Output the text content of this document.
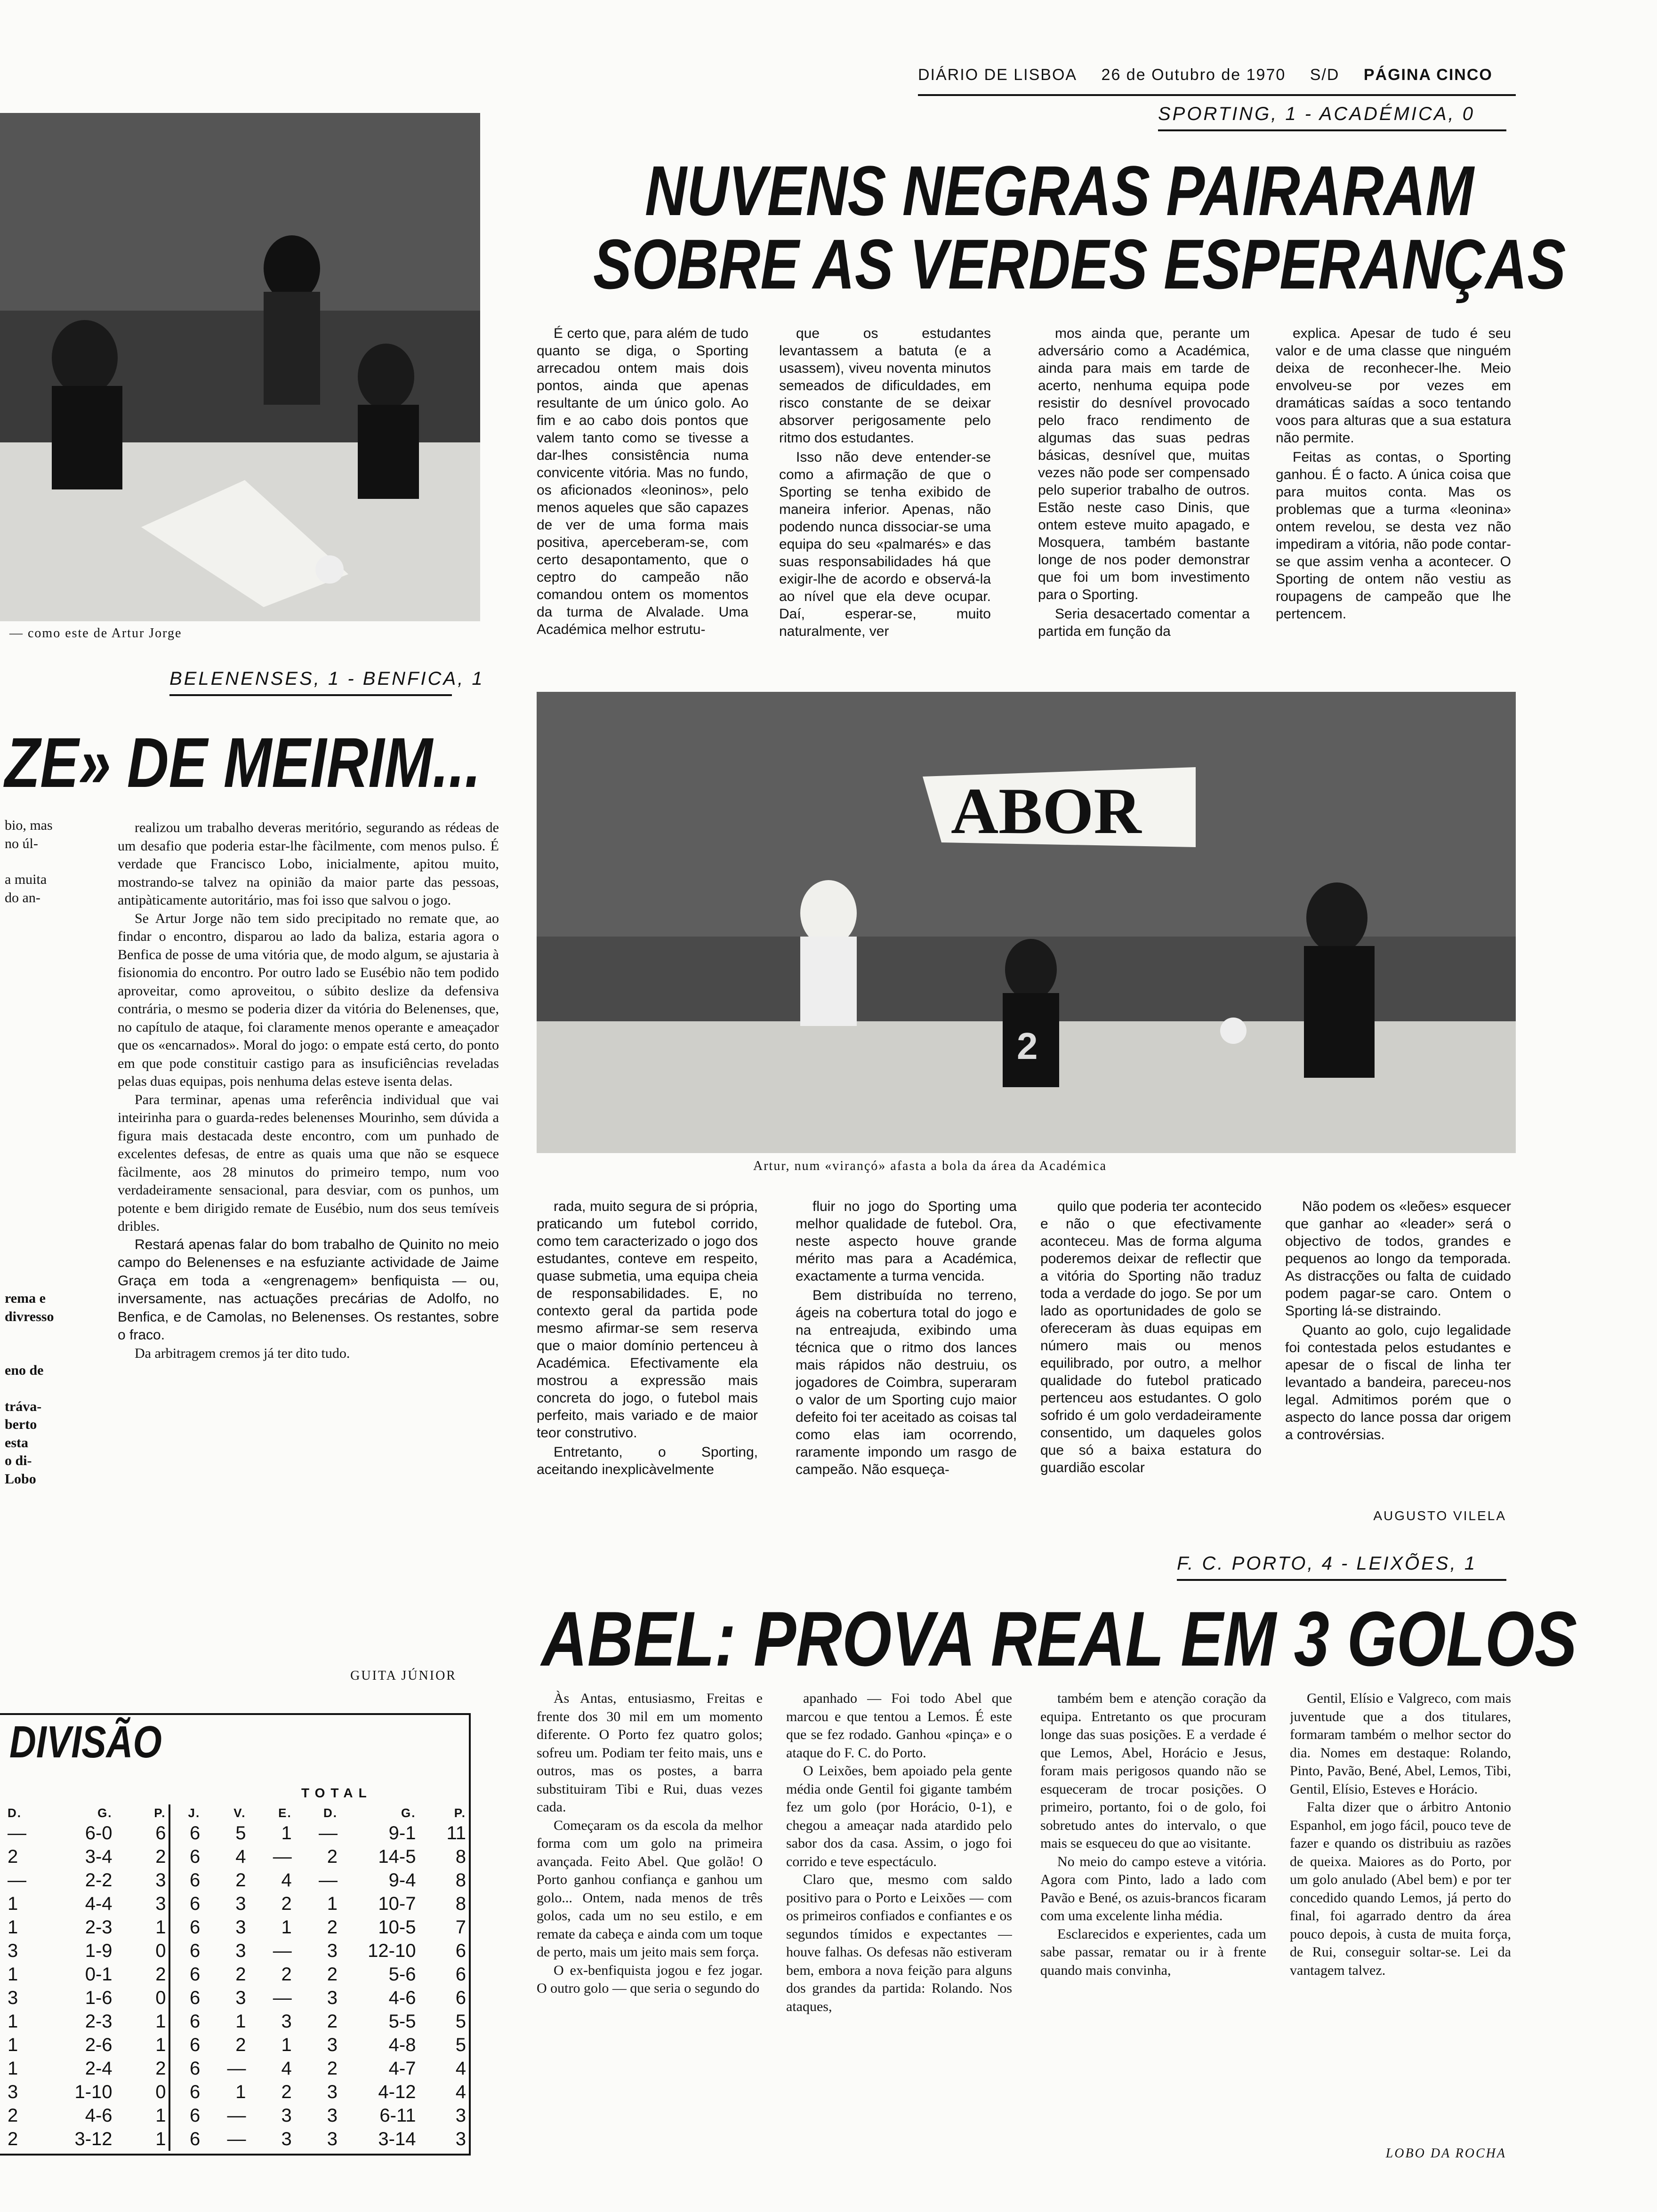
DIÁRIO DE LISBOA 26 de Outubro de 1970 S/D PÁGINA CINCO
SPORTING, 1 - ACADÉMICA, 0
NUVENS NEGRAS PAIRARAM
SOBRE AS VERDES ESPERANÇAS

É certo que, para além de tudo quanto se diga, o Sporting arrecadou ontem mais dois pontos, ainda que apenas resultante de um único golo. Ao fim e ao cabo dois pontos que valem tanto como se tivesse a dar-lhes consistência numa convicente vitória. Mas no fundo, os aficionados «leoninos», pelo menos aqueles que são capazes de ver de uma forma mais positiva, aperceberam-se, com certo desapontamento, que o ceptro do campeão não comandou ontem os momentos da turma de Alvalade. Uma Académica melhor estrutu-

que os estudantes levantassem a batuta (e a usassem), viveu noventa minutos semeados de dificuldades, em risco constante de se deixar absorver perigosamente pelo ritmo dos estudantes.

Isso não deve entender-se como a afirmação de que o Sporting se tenha exibido de maneira inferior. Apenas, não podendo nunca dissociar-se uma equipa do seu «palmarés» e das suas responsabilidades há que exigir-lhe de acordo e observá-la ao nível que ela deve ocupar. Daí, esperar-se, muito naturalmente, ver

mos ainda que, perante um adversário como a Académica, ainda para mais em tarde de acerto, nenhuma equipa pode resistir do desnível provocado pelo fraco rendimento de algumas das suas pedras básicas, desnível que, muitas vezes não pode ser compensado pelo superior trabalho de outros. Estão neste caso Dinis, que ontem esteve muito apagado, e Mosquera, também bastante longe de nos poder demonstrar que foi um bom investimento para o Sporting.

Seria desacertado comentar a partida em função da

explica. Apesar de tudo é seu valor e de uma classe que ninguém deixa de reconhecer-lhe. Meio envolveu-se por vezes em dramáticas saídas a soco tentando voos para alturas que a sua estatura não permite.

Feitas as contas, o Sporting ganhou. É o facto. A única coisa que para muitos conta. Mas os problemas que a turma «leonina» ontem revelou, se desta vez não impediram a vitória, não pode contar-se que assim venha a acontecer. O Sporting de ontem não vestiu as roupagens de campeão que lhe pertencem.

— como este de Artur Jorge
BELENENSES, 1 - BENFICA, 1
ZE» DE MEIRIM...
bio, mas
no úl-
a muita
do an-

realizou um trabalho deveras meritório, segurando as rédeas de um desafio que poderia estar-lhe fàcilmente, com menos pulso. É verdade que Francisco Lobo, inicialmente, apitou muito, mostrando-se talvez na opinião da maior parte das pessoas, antipàticamente autoritário, mas foi isso que salvou o jogo.

Se Artur Jorge não tem sido precipitado no remate que, ao findar o encontro, disparou ao lado da baliza, estaria agora o Benfica de posse de uma vitória que, de modo algum, se ajustaria à fisionomia do encontro. Por outro lado se Eusébio não tem podido aproveitar, como aproveitou, o súbito deslize da defensiva contrária, o mesmo se poderia dizer da vitória do Belenenses, que, no capítulo de ataque, foi claramente menos operante e ameaçador que os «encarnados». Moral do jogo: o empate está certo, do ponto em que pode constituir castigo para as insuficiências reveladas pelas duas equipas, pois nenhuma delas esteve isenta delas.

Para terminar, apenas uma referência individual que vai inteirinha para o guarda-redes belenenses Mourinho, sem dúvida a figura mais destacada deste encontro, com um punhado de excelentes defesas, de entre as quais uma que não se esquece fàcilmente, aos 28 minutos do primeiro tempo, num voo verdadeiramente sensacional, para desviar, com os punhos, um potente e bem dirigido remate de Eusébio, num dos seus temíveis dribles.

Restará apenas falar do bom trabalho de Quinito no meio campo do Belenenses e na esfuziante actividade de Jaime Graça em toda a «engrenagem» benfiquista — ou, inversamente, nas actuações precárias de Adolfo, no Benfica, e de Camolas, no Belenenses. Os restantes, sobre o fraco.

Da arbitragem cremos já ter dito tudo.

GUITA JÚNIOR
rema e
divresso
eno de
tráva-
berto
esta
o di-
Lobo
ABOR
2
Artur, num «virançó» afasta a bola da área da Académica

rada, muito segura de si própria, praticando um futebol corrido, como tem caracterizado o jogo dos estudantes, conteve em respeito, quase submetia, uma equipa cheia de responsabilidades. E, no contexto geral da partida pode mesmo afirmar-se sem reserva que o maior domínio pertenceu à Académica. Efectivamente ela mostrou a expressão mais concreta do jogo, o futebol mais perfeito, mais variado e de maior teor construtivo.

Entretanto, o Sporting, aceitando inexplicàvelmente

fluir no jogo do Sporting uma melhor qualidade de futebol. Ora, neste aspecto houve grande mérito mas para a Académica, exactamente a turma vencida.

Bem distribuída no terreno, ágeis na cobertura total do jogo e na entreajuda, exibindo uma técnica que o ritmo dos lances mais rápidos não destruiu, os jogadores de Coimbra, superaram o valor de um Sporting cujo maior defeito foi ter aceitado as coisas tal como elas iam ocorrendo, raramente impondo um rasgo de campeão. Não esqueça-

quilo que poderia ter acontecido e não o que efectivamente aconteceu. Mas de forma alguma poderemos deixar de reflectir que a vitória do Sporting não traduz toda a verdade do jogo. Se por um lado as oportunidades de golo se ofereceram às duas equipas em número mais ou menos equilibrado, por outro, a melhor qualidade do futebol praticado pertenceu aos estudantes. O golo sofrido é um golo verdadeiramente consentido, um daqueles golos que só a baixa estatura do guardião escolar

Não podem os «leões» esquecer que ganhar ao «leader» será o objectivo de todos, grandes e pequenos ao longo da temporada. As distracções ou falta de cuidado podem pagar-se caro. Ontem o Sporting lá-se distraindo.

Quanto ao golo, cujo legalidade foi contestada pelos estudantes e apesar de o fiscal de linha ter levantado a bandeira, pareceu-nos legal. Admitimos porém que o aspecto do lance possa dar origem a controvérsias.

AUGUSTO VILELA
F. C. PORTO, 4 - LEIXÕES, 1
ABEL: PROVA REAL EM 3 GOLOS

Às Antas, entusiasmo, Freitas e frente dos 30 mil em um momento diferente. O Porto fez quatro golos; sofreu um. Podiam ter feito mais, uns e outros, mas os postes, a barra substituiram Tibi e Rui, duas vezes cada.

Começaram os da escola da melhor forma com um golo na primeira avançada. Feito Abel. Que golão! O Porto ganhou confiança e ganhou um golo... Ontem, nada menos de três golos, cada um no seu estilo, e em remate da cabeça e ainda com um toque de perto, mais um jeito mais sem força.

O ex-benfiquista jogou e fez jogar. O outro golo — que seria o segundo do

apanhado — Foi todo Abel que marcou e que tentou a Lemos. É este que se fez rodado. Ganhou «pinça» e o ataque do F. C. do Porto.

O Leixões, bem apoiado pela gente média onde Gentil foi gigante também fez um golo (por Horácio, 0-1), e chegou a ameaçar nada atardido pelo sabor dos da casa. Assim, o jogo foi corrido e teve espectáculo.

Claro que, mesmo com saldo positivo para o Porto e Leixões — com os primeiros confiados e confiantes e os segundos tímidos e expectantes — houve falhas. Os defesas não estiveram bem, embora a nova feição para alguns dos grandes da partida: Rolando. Nos ataques,

também bem e atenção coração da equipa. Entretanto os que procuram longe das suas posições. E a verdade é que Lemos, Abel, Horácio e Jesus, foram mais perigosos quando não se esqueceram de trocar posições. O primeiro, portanto, foi o de golo, foi sobretudo antes do intervalo, o que mais se esqueceu do que ao visitante.

No meio do campo esteve a vitória. Agora com Pinto, lado a lado com Pavão e Bené, os azuis-brancos ficaram com uma excelente linha média.

Esclarecidos e experientes, cada um sabe passar, rematar ou ir à frente quando mais convinha,

Gentil, Elísio e Valgreco, com mais juventude que a dos titulares, formaram também o melhor sector do dia. Nomes em destaque: Rolando, Pinto, Pavão, Bené, Abel, Lemos, Tibi, Gentil, Elísio, Esteves e Horácio.

Falta dizer que o árbitro Antonio Espanhol, em jogo fácil, pouco teve de fazer e quando os distribuiu as razões de queixa. Maiores as do Porto, por um golo anulado (Abel bem) e por ter concedido quando Lemos, já perto do final, foi agarrado dentro da área pouco depois, à custa de muita força, de Rui, conseguir soltar-se. Lei da vantagem talvez.

LOBO DA ROCHA
DIVISÃO
TOTAL
D.	G.	P.	J.	V.	E.	D.	G.	P.
—	6-0	6	6	5	1	—	9-1	11
2	3-4	2	6	4	—	2	14-5	8
—	2-2	3	6	2	4	—	9-4	8
1	4-4	3	6	3	2	1	10-7	8
1	2-3	1	6	3	1	2	10-5	7
3	1-9	0	6	3	—	3	12-10	6
1	0-1	2	6	2	2	2	5-6	6
3	1-6	0	6	3	—	3	4-6	6
1	2-3	1	6	1	3	2	5-5	5
1	2-6	1	6	2	1	3	4-8	5
1	2-4	2	6	—	4	2	4-7	4
3	1-10	0	6	1	2	3	4-12	4
2	4-6	1	6	—	3	3	6-11	3
2	3-12	1	6	—	3	3	3-14	3
